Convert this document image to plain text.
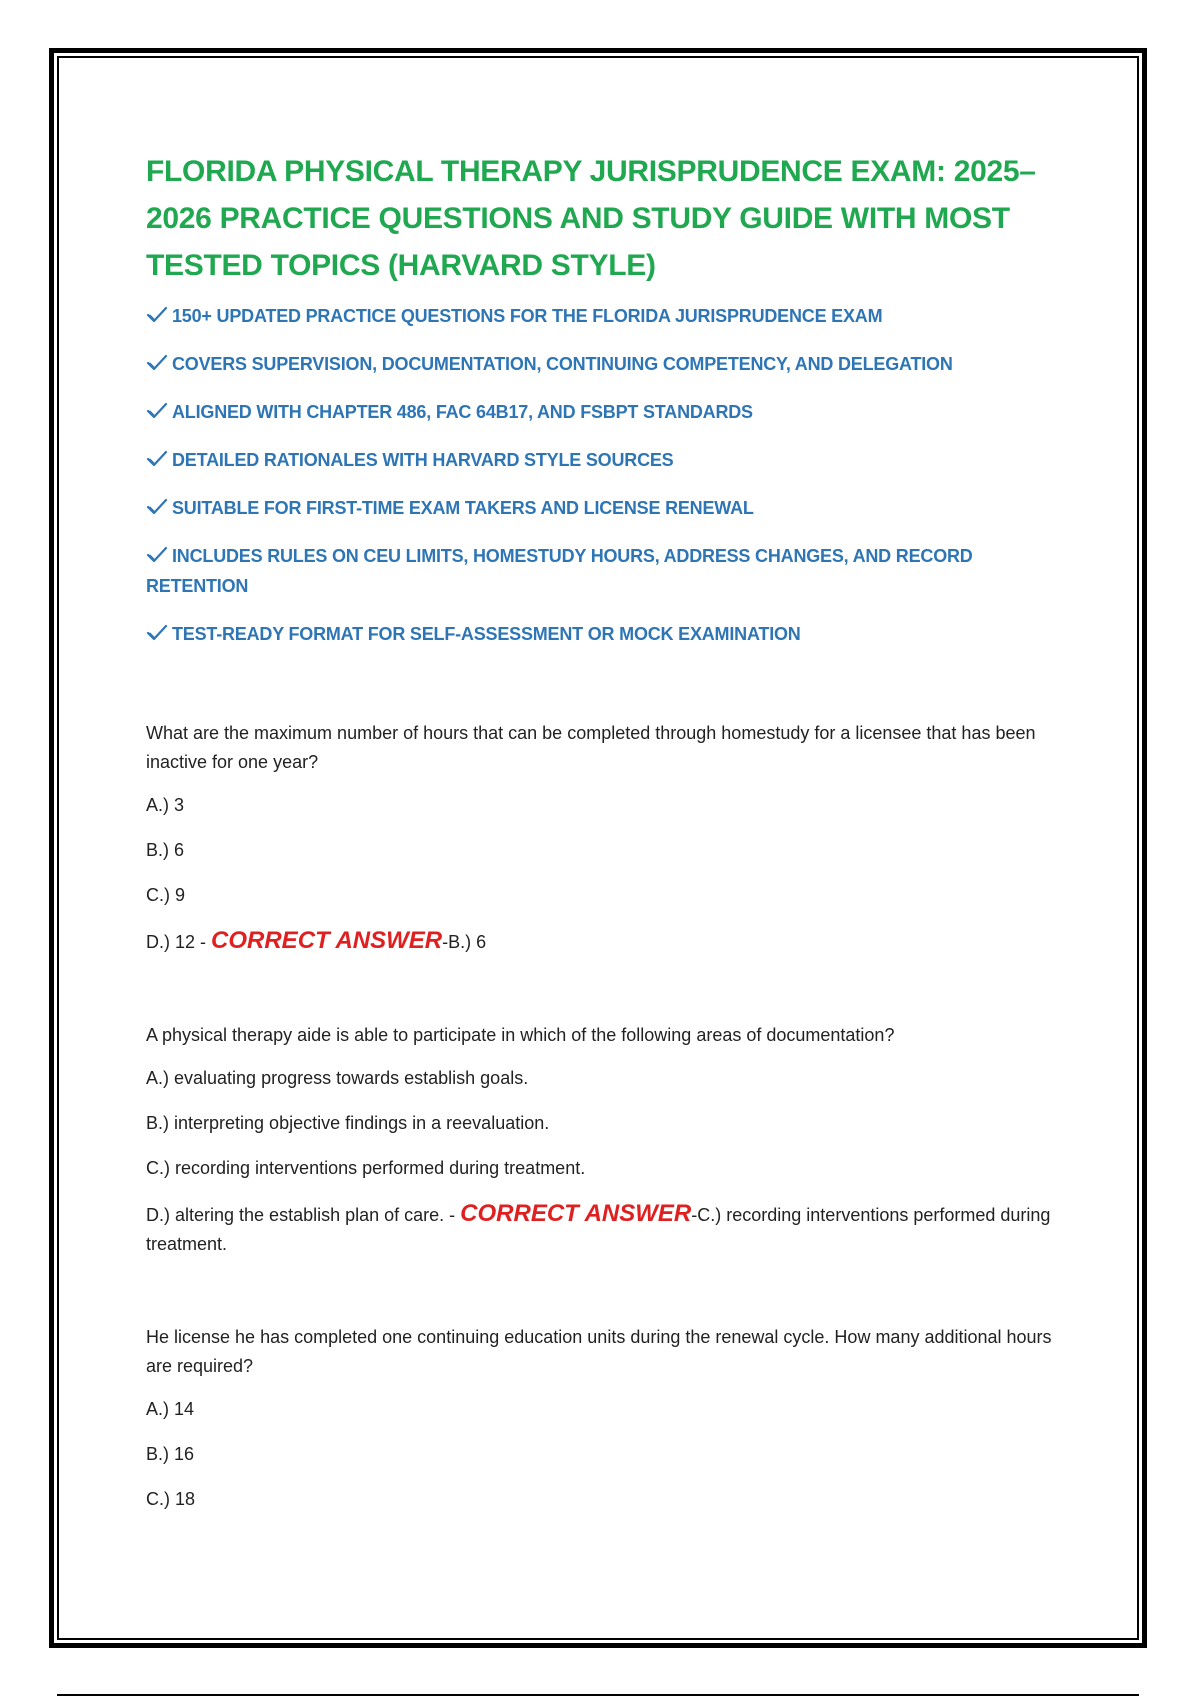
FLORIDA PHYSICAL THERAPY JURISPRUDENCE EXAM: 2025–2026 PRACTICE QUESTIONS AND STUDY GUIDE WITH MOST TESTED TOPICS (HARVARD STYLE)
150+ UPDATED PRACTICE QUESTIONS FOR THE FLORIDA JURISPRUDENCE EXAM
COVERS SUPERVISION, DOCUMENTATION, CONTINUING COMPETENCY, AND DELEGATION
ALIGNED WITH CHAPTER 486, FAC 64B17, AND FSBPT STANDARDS
DETAILED RATIONALES WITH HARVARD STYLE SOURCES
SUITABLE FOR FIRST-TIME EXAM TAKERS AND LICENSE RENEWAL
INCLUDES RULES ON CEU LIMITS, HOMESTUDY HOURS, ADDRESS CHANGES, AND RECORD RETENTION
TEST-READY FORMAT FOR SELF-ASSESSMENT OR MOCK EXAMINATION

What are the maximum number of hours that can be completed through homestudy for a licensee that has been inactive for one year?

A.) 3

B.) 6

C.) 9

D.) 12 - CORRECT ANSWER-B.) 6

A physical therapy aide is able to participate in which of the following areas of documentation?

A.) evaluating progress towards establish goals.

B.) interpreting objective findings in a reevaluation.

C.) recording interventions performed during treatment.

D.) altering the establish plan of care. - CORRECT ANSWER-C.) recording interventions performed during treatment.

He license he has completed one continuing education units during the renewal cycle. How many additional hours are required?

A.) 14

B.) 16

C.) 18
